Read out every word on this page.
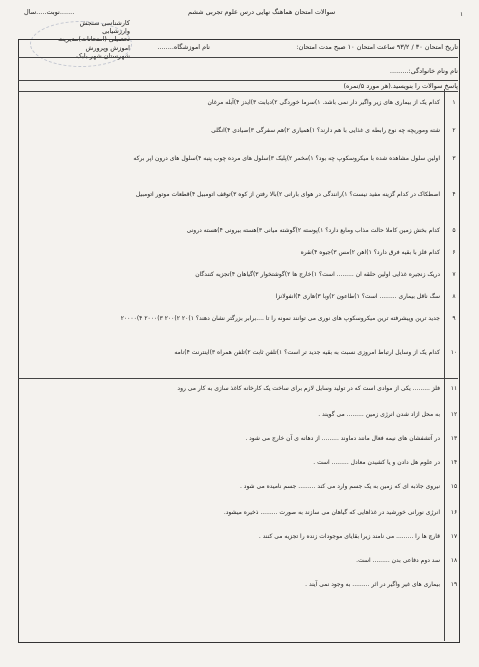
۱
نوبت.....سال.......	سوالات امتحان هماهنگ نهایی درس علوم تجربی ششم
کارشناسی سنجش
وارزشیابی
تحصیلی (امتحانات)مدیریت
اموزش وپرورش
شهرستان شهر بابک
تاریخ امتحان ۳۰ / ۹۳/۲ ساعت امتحان ۱۰ صبح مدت امتحان:
نام اموزشگاه........
نام ونام خانوادگی:.........
پاسخ سوالات را بنویسید.(هر مورد ۵/نمره)
۱
کدام یک از بیماری های زیر واگیر دار نمی باشد. ۱)سرما خوردگی ۲)دیابت ۳)ایدز ۴)آبله مرغان
۲
شته وموریچه چه نوع رابطه ی غذایی با هم دارند؟ ۱)همیاری ۲)هم سفرگی ۳)صیادی ۴)انگلی
۳
اولین سلول مشاهده شده با میکروسکوپ چه بود؟ ۱)مخمر ۲)پلیک ۳)سلول های مرده چوب پنبه ۴)سلول های درون اپر برکه
۴
اصطکاک در کدام گزینه مفید نیست؟ ۱)رانندگی در هوای بارانی ۲)بالا رفتن از کوه ۳)توقف اتومبیل ۴)قطعات موتور اتومبیل
۵
کدام بخش زمین کاملا حالت مذاب ومایع دارد؟ ۱)پوسته ۲)گوشته میانی ۳)هسته بیرونی ۴)هسته درونی
۶
کدام فلز با بقیه فرق دارد؟ ۱)اهن ۲)مس ۳)جیوه ۴)نقره
۷
دریک زنجیره غذایی اولین حلقه ان ......... است؟ ۱)خارج ها ۲)گوشتخوار ۳)گیاهان ۴)تجزیه کنندگان
۸
سگ ناقل بیماری ......... است؟ ۱)طاعون ۲)وبا ۳)هاری ۴)انفولانزا
۹
جدید ترین وپیشرفته ترین میکروسکوپ های نوری می توانند نمونه را تا ....برابر بزرگتر نشان دهند؟ ۱)۲۰ ۲)۲۰۰ ۳)۲۰۰۰ ۴)۲۰۰۰۰
۱۰
کدام یک از وسایل ارتباط امروزی نسبت به بقیه جدید تر است؟ ۱)تلفن ثابت ۲)تلفن همراه ۳)اینترنت ۴)نامه
۱۱
فلز ......... یکی از موادی است که در تولید وسایل لازم برای ساخت یک کارخانه کاغذ سازی به کار می رود
۱۲
به محل ازاد شدن انرژی زمین ......... می گویند .
۱۳
در آتشفشان های نیمه فعال مانند دماوند ......... از دهانه ی آن خارج می شود .
۱۴
در علوم هل دادن و یا کشیدن معادل ......... است .
۱۵
نیروی جاذبه ای که زمین به یک جسم وارد می کند ......... جسم نامیده می شود .
۱۶
انرژی نورانی خورشید در غذاهایی که گیاهان می سازند به صورت ......... ذخیره میشود.
۱۷
قارچ ها را ......... می نامند زیرا بقایای موجودات زنده را تجزیه می کنند .
۱۸
سد دوم دفاعی بدن ......... است.
۱۹
بیماری های غیر واگیر در اثر ......... به وجود نمی آیند .
